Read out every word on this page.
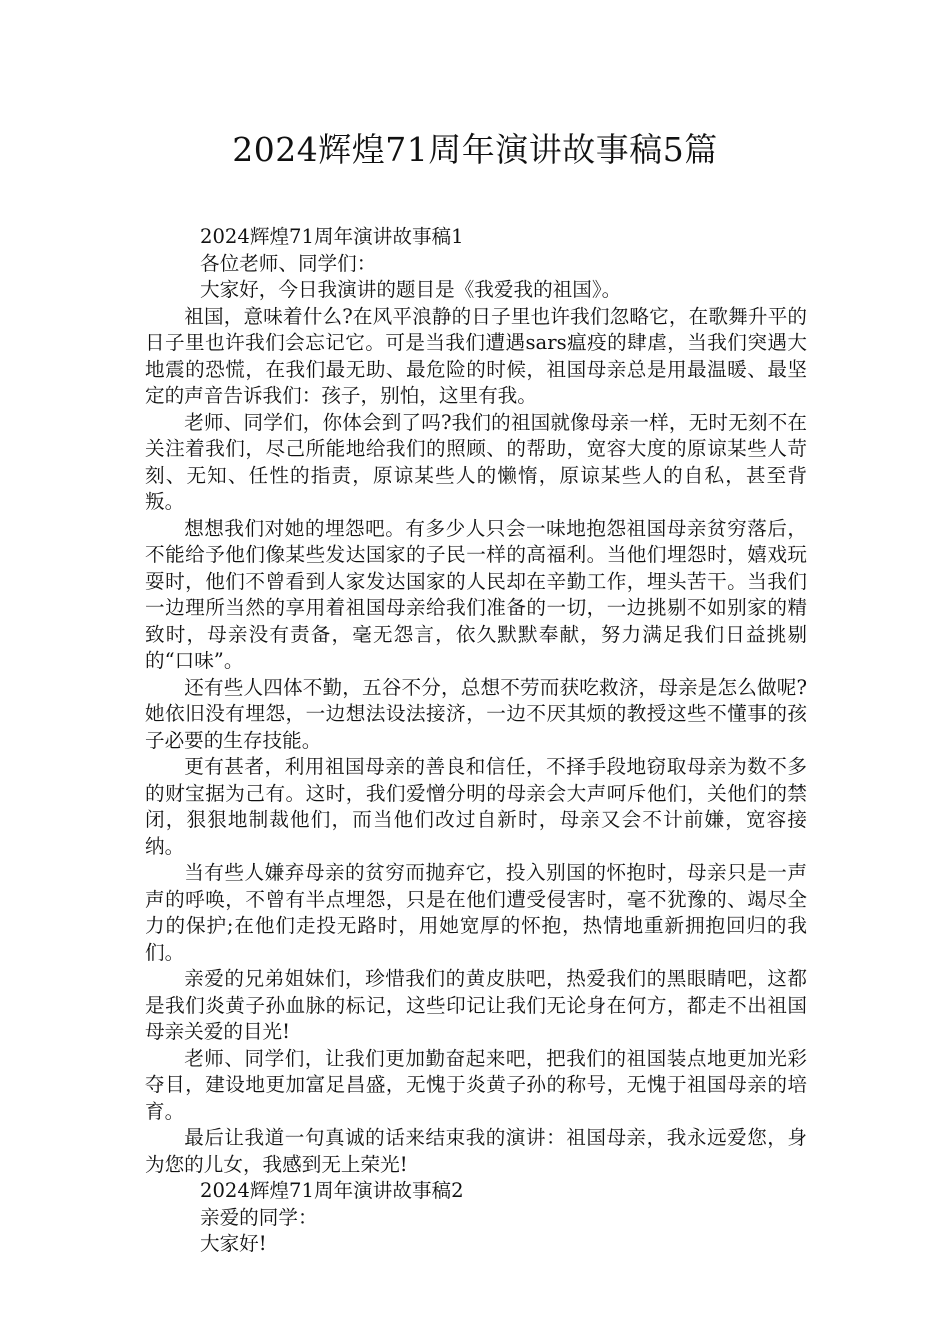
2024辉煌71周年演讲故事稿5篇

2024辉煌71周年演讲故事稿1

各位老师、同学们：

大家好，今日我演讲的题目是《我爱我的祖国》。

祖国，意味着什么?在风平浪静的日子里也许我们忽略它，在歌舞升平的日子里也许我们会忘记它。可是当我们遭遇sars瘟疫的肆虐，当我们突遇大地震的恐慌，在我们最无助、最危险的时候，祖国母亲总是用最温暖、最坚定的声音告诉我们：孩子，别怕，这里有我。

老师、同学们，你体会到了吗?我们的祖国就像母亲一样，无时无刻不在关注着我们，尽己所能地给我们的照顾、的帮助，宽容大度的原谅某些人苛刻、无知、任性的指责，原谅某些人的懒惰，原谅某些人的自私，甚至背叛。

想想我们对她的埋怨吧。有多少人只会一味地抱怨祖国母亲贫穷落后，不能给予他们像某些发达国家的子民一样的高福利。当他们埋怨时，嬉戏玩耍时，他们不曾看到人家发达国家的人民却在辛勤工作，埋头苦干。当我们一边理所当然的享用着祖国母亲给我们准备的一切，一边挑剔不如别家的精致时，母亲没有责备，毫无怨言，依久默默奉献，努力满足我们日益挑剔的“口味”。

还有些人四体不勤，五谷不分，总想不劳而获吃救济，母亲是怎么做呢?她依旧没有埋怨，一边想法设法接济，一边不厌其烦的教授这些不懂事的孩子必要的生存技能。

更有甚者，利用祖国母亲的善良和信任，不择手段地窃取母亲为数不多的财宝据为己有。这时，我们爱憎分明的母亲会大声呵斥他们，关他们的禁闭，狠狠地制裁他们，而当他们改过自新时，母亲又会不计前嫌，宽容接纳。

当有些人嫌弃母亲的贫穷而抛弃它，投入别国的怀抱时，母亲只是一声声的呼唤，不曾有半点埋怨，只是在他们遭受侵害时，毫不犹豫的、竭尽全力的保护;在他们走投无路时，用她宽厚的怀抱，热情地重新拥抱回归的我们。

亲爱的兄弟姐妹们，珍惜我们的黄皮肤吧，热爱我们的黑眼睛吧，这都是我们炎黄子孙血脉的标记，这些印记让我们无论身在何方，都走不出祖国母亲关爱的目光!

老师、同学们，让我们更加勤奋起来吧，把我们的祖国装点地更加光彩夺目，建设地更加富足昌盛，无愧于炎黄子孙的称号，无愧于祖国母亲的培育。

最后让我道一句真诚的话来结束我的演讲：祖国母亲，我永远爱您，身为您的儿女，我感到无上荣光!

2024辉煌71周年演讲故事稿2

亲爱的同学：

大家好!
